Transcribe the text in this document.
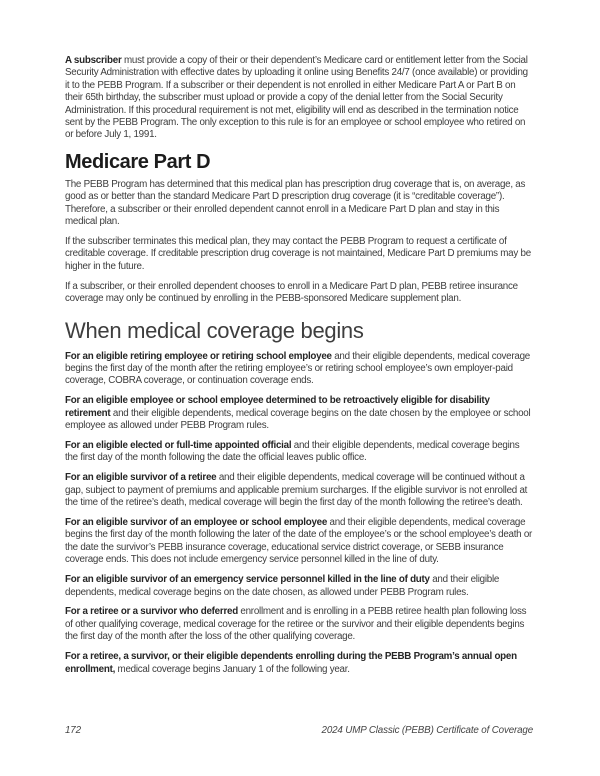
A subscriber must provide a copy of their or their dependent’s Medicare card or entitlement letter from the Social Security Administration with effective dates by uploading it online using Benefits 24/7 (once available) or providing it to the PEBB Program. If a subscriber or their dependent is not enrolled in either Medicare Part A or Part B on their 65th birthday, the subscriber must upload or provide a copy of the denial letter from the Social Security Administration. If this procedural requirement is not met, eligibility will end as described in the termination notice sent by the PEBB Program. The only exception to this rule is for an employee or school employee who retired on or before July 1, 1991.

Medicare Part D

The PEBB Program has determined that this medical plan has prescription drug coverage that is, on average, as good as or better than the standard Medicare Part D prescription drug coverage (it is “creditable coverage”). Therefore, a subscriber or their enrolled dependent cannot enroll in a Medicare Part D plan and stay in this medical plan.

If the subscriber terminates this medical plan, they may contact the PEBB Program to request a certificate of creditable coverage. If creditable prescription drug coverage is not maintained, Medicare Part D premiums may be higher in the future.

If a subscriber, or their enrolled dependent chooses to enroll in a Medicare Part D plan, PEBB retiree insurance coverage may only be continued by enrolling in the PEBB-sponsored Medicare supplement plan.

When medical coverage begins

For an eligible retiring employee or retiring school employee and their eligible dependents, medical coverage begins the first day of the month after the retiring employee’s or retiring school employee’s own employer-paid coverage, COBRA coverage, or continuation coverage ends.

For an eligible employee or school employee determined to be retroactively eligible for disability retirement and their eligible dependents, medical coverage begins on the date chosen by the employee or school employee as allowed under PEBB Program rules.

For an eligible elected or full-time appointed official and their eligible dependents, medical coverage begins the first day of the month following the date the official leaves public office.

For an eligible survivor of a retiree and their eligible dependents, medical coverage will be continued without a gap, subject to payment of premiums and applicable premium surcharges. If the eligible survivor is not enrolled at the time of the retiree’s death, medical coverage will begin the first day of the month following the retiree’s death.

For an eligible survivor of an employee or school employee and their eligible dependents, medical coverage begins the first day of the month following the later of the date of the employee’s or the school employee’s death or the date the survivor’s PEBB insurance coverage, educational service district coverage, or SEBB insurance coverage ends. This does not include emergency service personnel killed in the line of duty.

For an eligible survivor of an emergency service personnel killed in the line of duty and their eligible dependents, medical coverage begins on the date chosen, as allowed under PEBB Program rules.

For a retiree or a survivor who deferred enrollment and is enrolling in a PEBB retiree health plan following loss of other qualifying coverage, medical coverage for the retiree or the survivor and their eligible dependents begins the first day of the month after the loss of the other qualifying coverage.

For a retiree, a survivor, or their eligible dependents enrolling during the PEBB Program’s annual open enrollment, medical coverage begins January 1 of the following year.

172	2024 UMP Classic (PEBB) Certificate of Coverage
